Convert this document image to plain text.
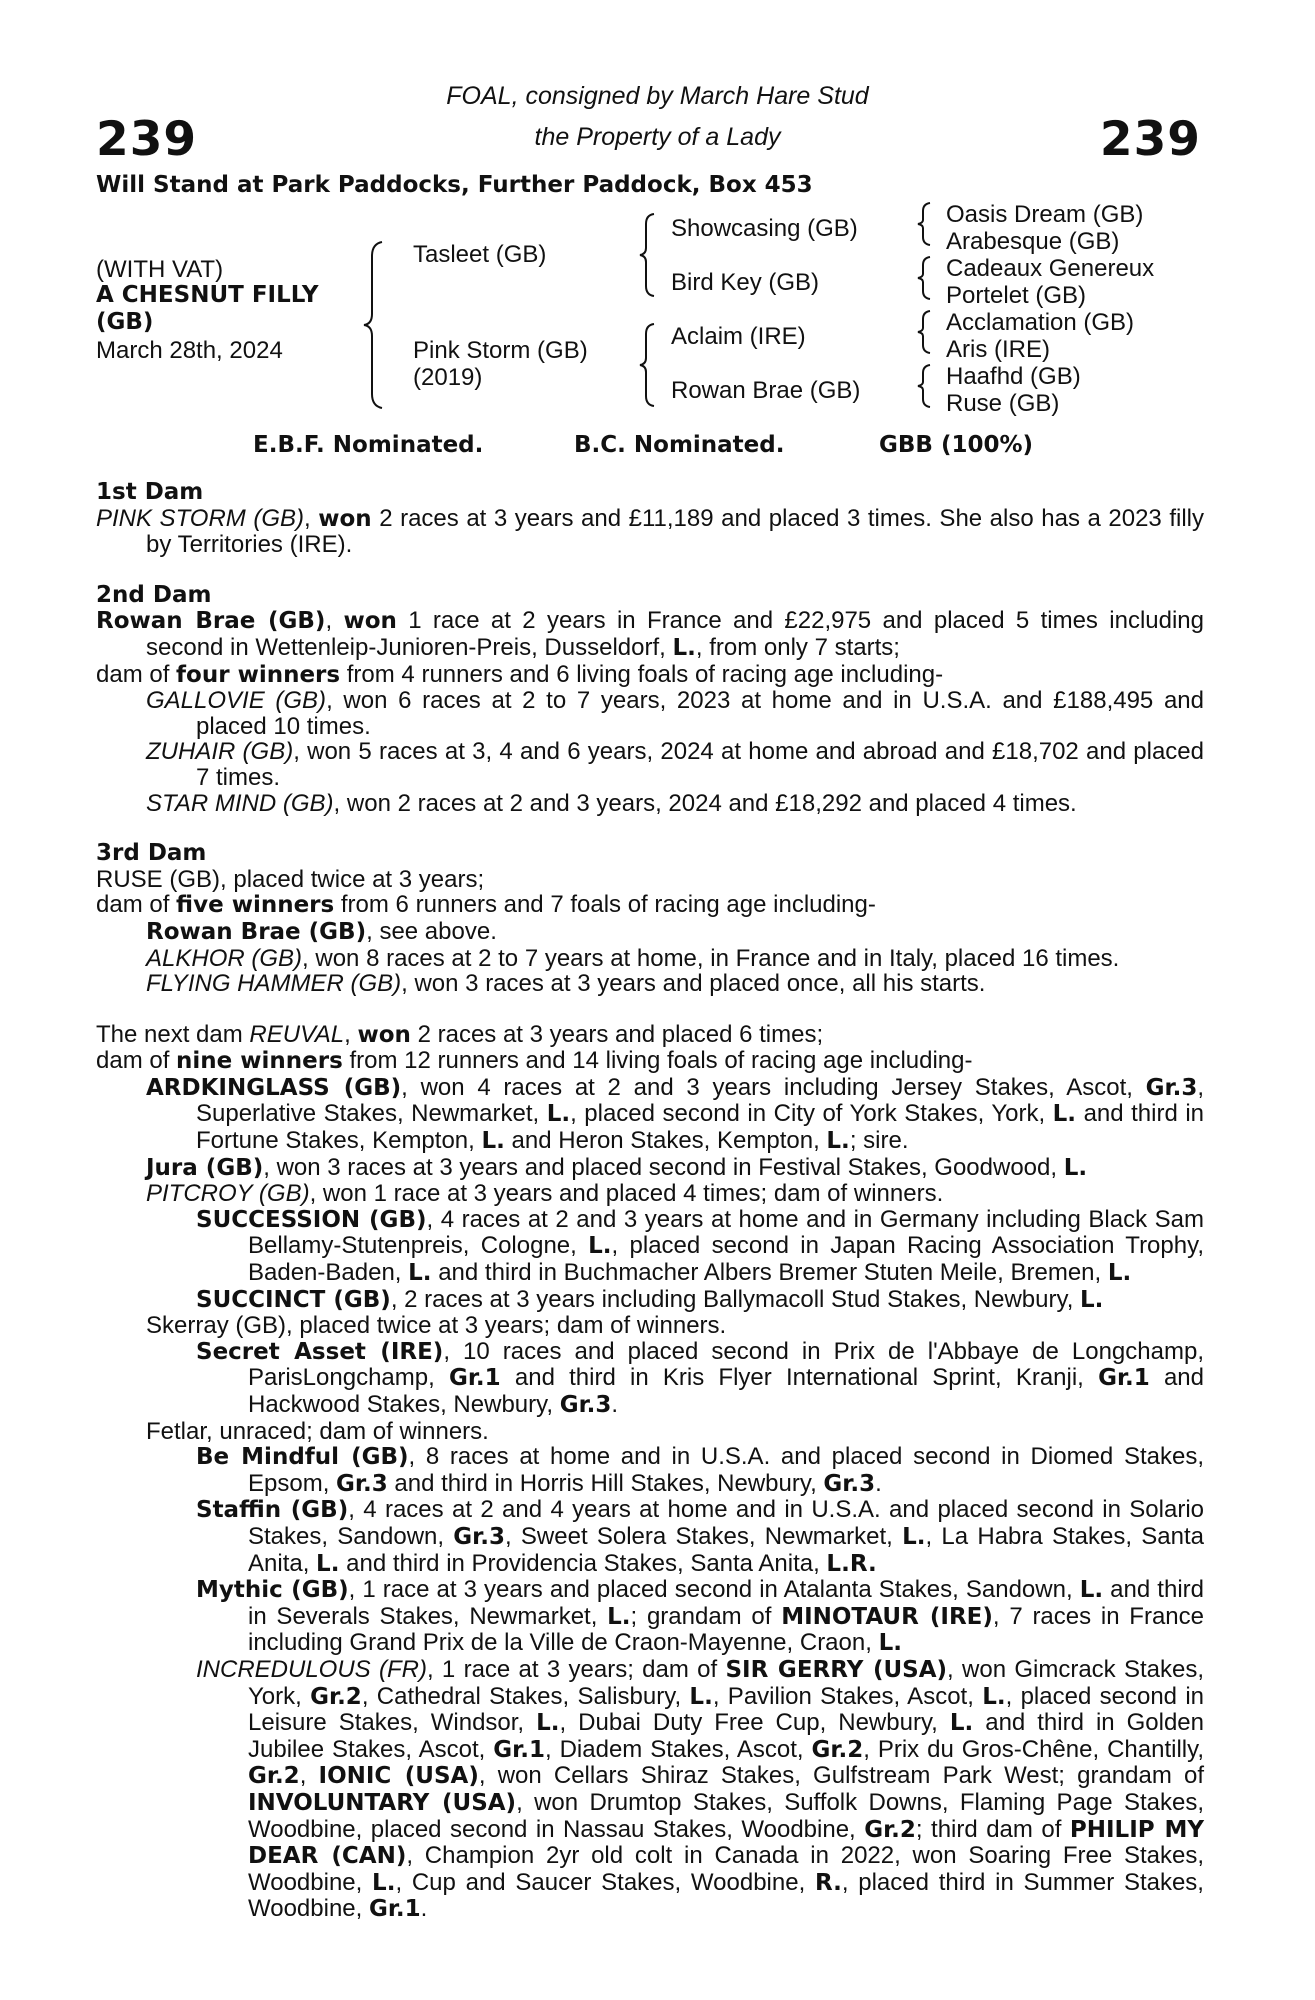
239	239
FOAL, consigned by March Hare Stud
the Property of a Lady
Will Stand at Park Paddocks, Further Paddock, Box 453
(WITH VAT)
A CHESNUT FILLY
(GB)
March 28th, 2024
Tasleet (GB)
Pink Storm (GB)
(2019)
Showcasing (GB)
Bird Key (GB)
Aclaim (IRE)
Rowan Brae (GB)
Oasis Dream (GB)
Arabesque (GB)
Cadeaux Genereux
Portelet (GB)
Acclamation (GB)
Aris (IRE)
Haafhd (GB)
Ruse (GB)
E.B.F. Nominated.	B.C. Nominated.	GBB (100%)

1st Dam

PINK STORM (GB), won 2 races at 3 years and £11,189 and placed 3 times. She also has a 2023 filly by Territories (IRE).

2nd Dam

Rowan Brae (GB), won 1 race at 2 years in France and £22,975 and placed 5 times including second in Wettenleip-Junioren-Preis, Dusseldorf, L., from only 7 starts;

dam of four winners from 4 runners and 6 living foals of racing age including-

GALLOVIE (GB), won 6 races at 2 to 7 years, 2023 at home and in U.S.A. and £188,495 and placed 10 times.

ZUHAIR (GB), won 5 races at 3, 4 and 6 years, 2024 at home and abroad and £18,702 and placed 7 times.

STAR MIND (GB), won 2 races at 2 and 3 years, 2024 and £18,292 and placed 4 times.

3rd Dam

RUSE (GB), placed twice at 3 years;

dam of five winners from 6 runners and 7 foals of racing age including-

Rowan Brae (GB), see above.

ALKHOR (GB), won 8 races at 2 to 7 years at home, in France and in Italy, placed 16 times.

FLYING HAMMER (GB), won 3 races at 3 years and placed once, all his starts.

The next dam REUVAL, won 2 races at 3 years and placed 6 times;

dam of nine winners from 12 runners and 14 living foals of racing age including-

ARDKINGLASS (GB), won 4 races at 2 and 3 years including Jersey Stakes, Ascot, Gr.3, Superlative Stakes, Newmarket, L., placed second in City of York Stakes, York, L. and third in Fortune Stakes, Kempton, L. and Heron Stakes, Kempton, L.; sire.

Jura (GB), won 3 races at 3 years and placed second in Festival Stakes, Goodwood, L.

PITCROY (GB), won 1 race at 3 years and placed 4 times; dam of winners.

SUCCESSION (GB), 4 races at 2 and 3 years at home and in Germany including Black Sam Bellamy-Stutenpreis, Cologne, L., placed second in Japan Racing Association Trophy, Baden-Baden, L. and third in Buchmacher Albers Bremer Stuten Meile, Bremen, L.

SUCCINCT (GB), 2 races at 3 years including Ballymacoll Stud Stakes, Newbury, L.

Skerray (GB), placed twice at 3 years; dam of winners.

Secret Asset (IRE), 10 races and placed second in Prix de l'Abbaye de Longchamp, ParisLongchamp, Gr.1 and third in Kris Flyer International Sprint, Kranji, Gr.1 and Hackwood Stakes, Newbury, Gr.3.

Fetlar, unraced; dam of winners.

Be Mindful (GB), 8 races at home and in U.S.A. and placed second in Diomed Stakes, Epsom, Gr.3 and third in Horris Hill Stakes, Newbury, Gr.3.

Staffin (GB), 4 races at 2 and 4 years at home and in U.S.A. and placed second in Solario Stakes, Sandown, Gr.3, Sweet Solera Stakes, Newmarket, L., La Habra Stakes, Santa Anita, L. and third in Providencia Stakes, Santa Anita, L.R.

Mythic (GB), 1 race at 3 years and placed second in Atalanta Stakes, Sandown, L. and third in Severals Stakes, Newmarket, L.; grandam of MINOTAUR (IRE), 7 races in France including Grand Prix de la Ville de Craon-Mayenne, Craon, L.

INCREDULOUS (FR), 1 race at 3 years; dam of SIR GERRY (USA), won Gimcrack Stakes, York, Gr.2, Cathedral Stakes, Salisbury, L., Pavilion Stakes, Ascot, L., placed second in Leisure Stakes, Windsor, L., Dubai Duty Free Cup, Newbury, L. and third in Golden Jubilee Stakes, Ascot, Gr.1, Diadem Stakes, Ascot, Gr.2, Prix du Gros-Chêne, Chantilly, Gr.2, IONIC (USA), won Cellars Shiraz Stakes, Gulfstream Park West; grandam of INVOLUNTARY (USA), won Drumtop Stakes, Suffolk Downs, Flaming Page Stakes, Woodbine, placed second in Nassau Stakes, Woodbine, Gr.2; third dam of PHILIP MY DEAR (CAN), Champion 2yr old colt in Canada in 2022, won Soaring Free Stakes, Woodbine, L., Cup and Saucer Stakes, Woodbine, R., placed third in Summer Stakes, Woodbine, Gr.1.
